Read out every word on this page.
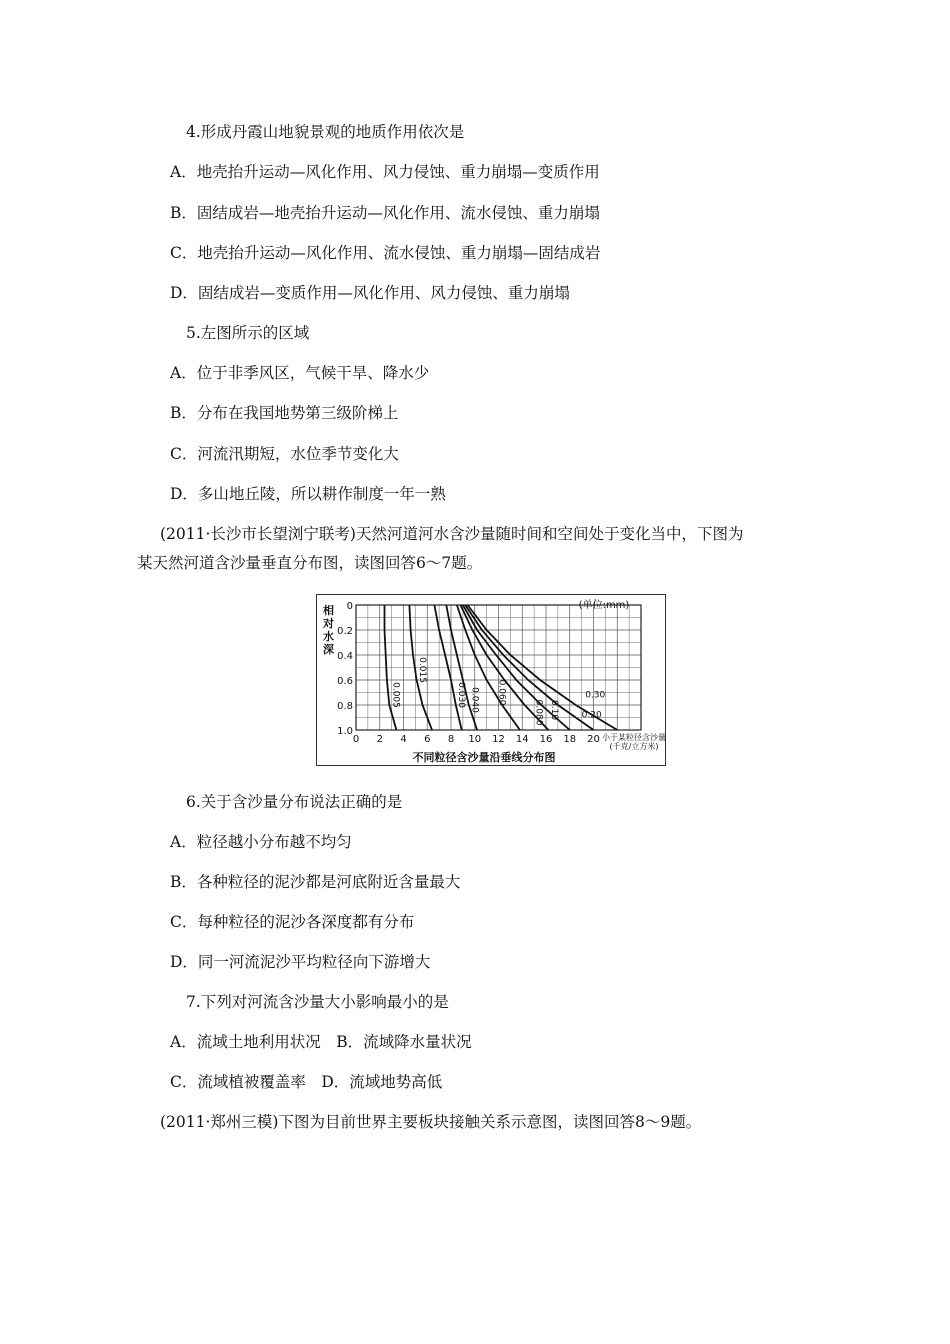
4.形成丹霞山地貌景观的地质作用依次是
A．地壳抬升运动—风化作用、风力侵蚀、重力崩塌—变质作用
B．固结成岩—地壳抬升运动—风化作用、流水侵蚀、重力崩塌
C．地壳抬升运动—风化作用、流水侵蚀、重力崩塌—固结成岩
D．固结成岩—变质作用—风化作用、风力侵蚀、重力崩塌
5.左图所示的区域
A．位于非季风区，气候干旱、降水少
B．分布在我国地势第三级阶梯上
C．河流汛期短，水位季节变化大
D．多山地丘陵，所以耕作制度一年一熟
(2011·长沙市长望浏宁联考)天然河道河水含沙量随时间和空间处于变化当中，下图为
某天然河道含沙量垂直分布图，读图回答6～7题。
0
0.2
0.4
0.6
0.8
1.0
0 2 4 6 8 10 12 14 16 18 20
0.005
0.015
0.030 0.040 0.060
0.080 0.10	0.20
0.30
相对水深
(单位:mm)
小于某粒径含沙量
(千克/立方米)
不同粒径含沙量沿垂线分布图
6.关于含沙量分布说法正确的是
A．粒径越小分布越不均匀
B．各种粒径的泥沙都是河底附近含量最大
C．每种粒径的泥沙各深度都有分布
D．同一河流泥沙平均粒径向下游增大
7.下列对河流含沙量大小影响最小的是
A．流域土地利用状况　B．流域降水量状况
C．流域植被覆盖率　D．流域地势高低
(2011·郑州三模)下图为目前世界主要板块接触关系示意图，读图回答8～9题。
